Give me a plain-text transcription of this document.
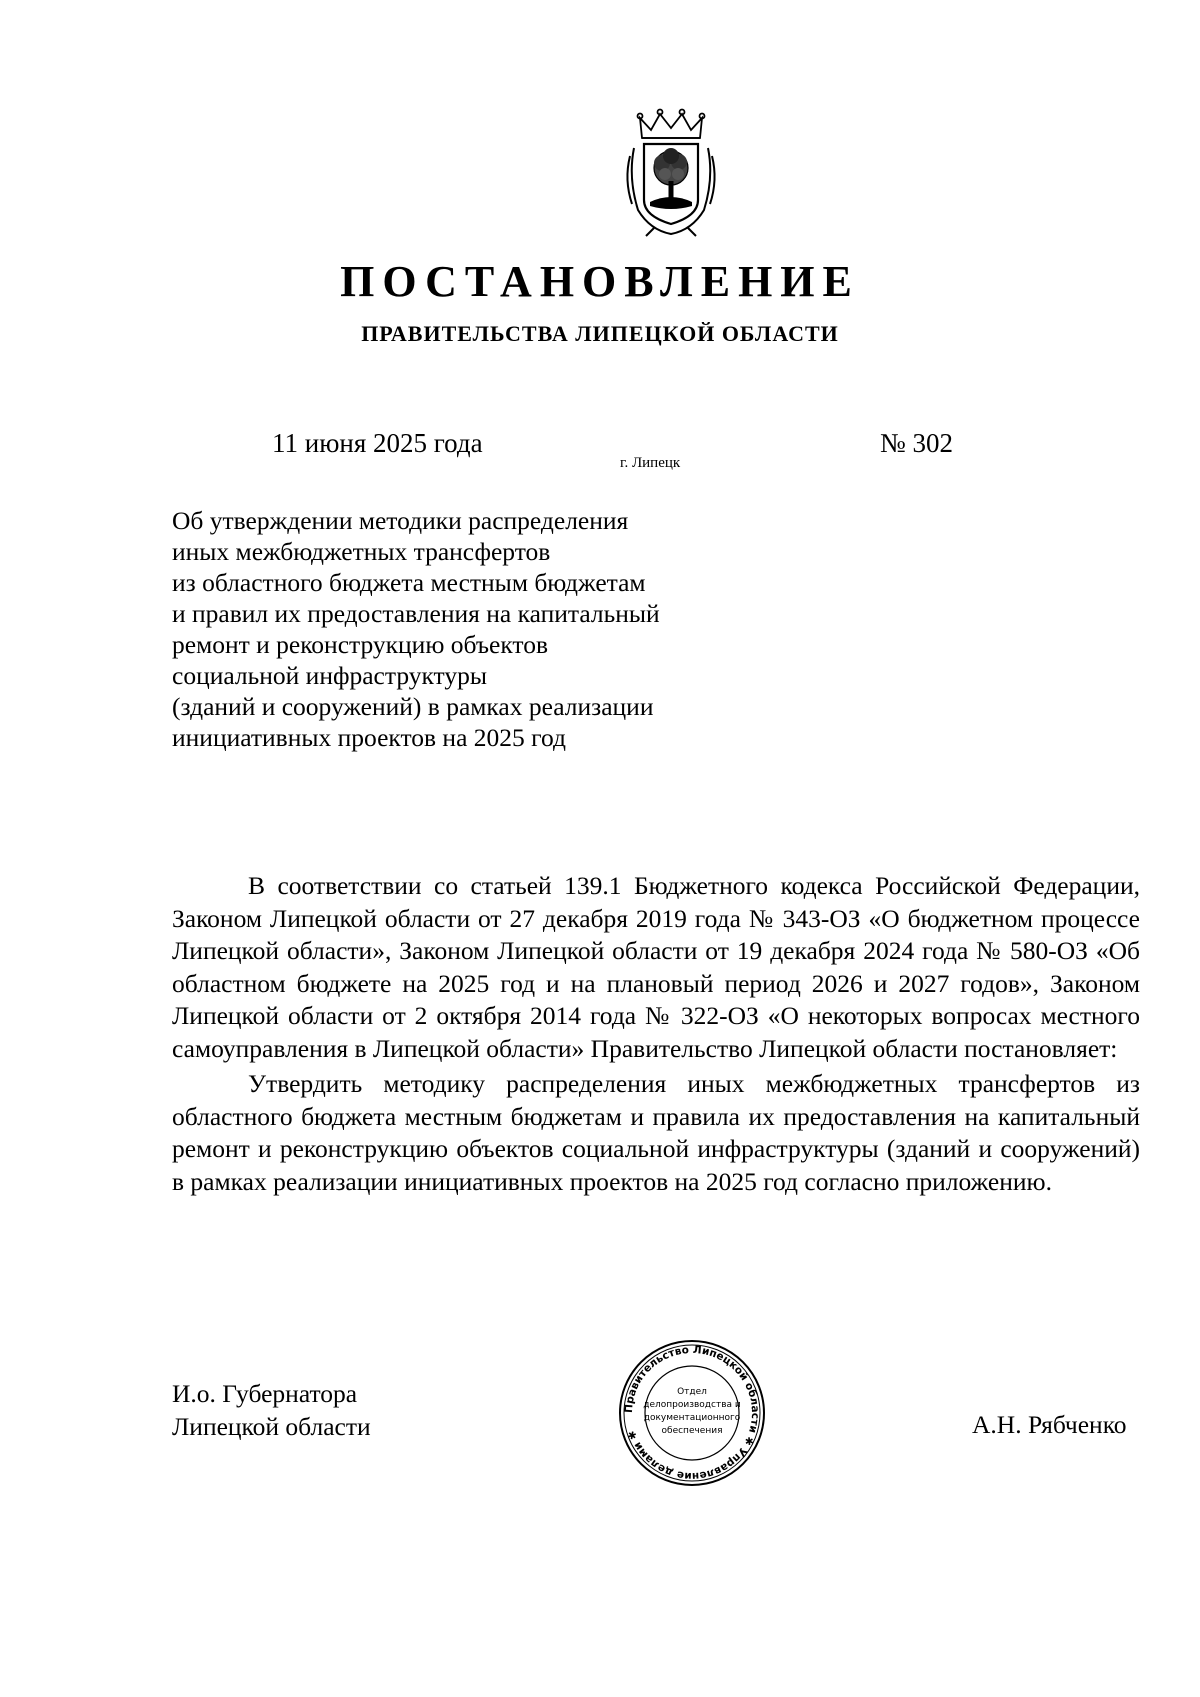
ПОСТАНОВЛЕНИЕ
ПРАВИТЕЛЬСТВА ЛИПЕЦКОЙ ОБЛАСТИ
11 июня 2025 года
г. Липецк
№ 302
Об утверждении методики распределения
иных межбюджетных трансфертов
из областного бюджета местным бюджетам
и правил их предоставления на капитальный
ремонт и реконструкцию объектов
социальной инфраструктуры
(зданий и сооружений) в рамках реализации
инициативных проектов на 2025 год

В соответствии со статьей 139.1 Бюджетного кодекса Российской Федерации, Законом Липецкой области от 27 декабря 2019 года № 343-ОЗ «О бюджетном процессе Липецкой области», Законом Липецкой области от 19 декабря 2024 года № 580-ОЗ «Об областном бюджете на 2025 год и на плановый период 2026 и 2027 годов», Законом Липецкой области от 2 октября 2014 года № 322-ОЗ «О некоторых вопросах местного самоуправления в Липецкой области» Правительство Липецкой области постановляет:

Утвердить методику распределения иных межбюджетных трансфертов из областного бюджета местным бюджетам и правила их предоставления на капитальный ремонт и реконструкцию объектов социальной инфраструктуры (зданий и сооружений) в рамках реализации инициативных проектов на 2025 год согласно приложению.

И.о. Губернатора
Липецкой области	А.Н. Рябченко
Правительство Липецкой области ✱ Управление делами ✱
Отдел
делопроизводства и
документационного
обеспечения
